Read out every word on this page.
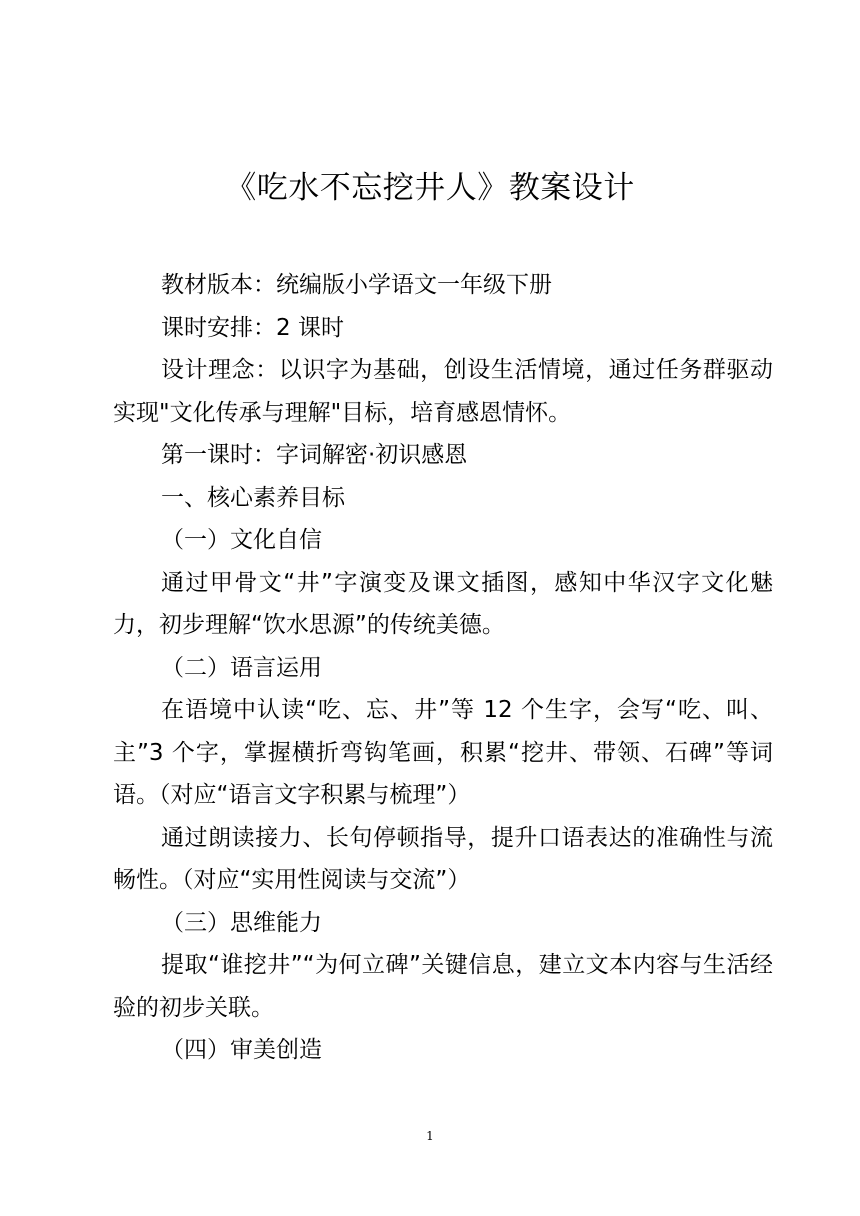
《吃水不忘挖井人》教案设计

教材版本：统编版小学语文一年级下册

课时安排：2 课时

设计理念：以识字为基础，创设生活情境，通过任务群驱动实现"文化传承与理解"目标，培育感恩情怀。

第一课时：字词解密·初识感恩

一、核心素养目标

（一）文化自信

通过甲骨文“井”字演变及课文插图，感知中华汉字文化魅力，初步理解“饮水思源”的传统美德。

（二）语言运用

在语境中认读“吃、忘、井”等 12 个生字，会写“吃、叫、主”3 个字，掌握横折弯钩笔画，积累“挖井、带领、石碑”等词语。（对应“语言文字积累与梳理”）

通过朗读接力、长句停顿指导，提升口语表达的准确性与流畅性。（对应“实用性阅读与交流”）

（三）思维能力

提取“谁挖井”“为何立碑”关键信息，建立文本内容与生活经验的初步关联。

（四）审美创造

1
